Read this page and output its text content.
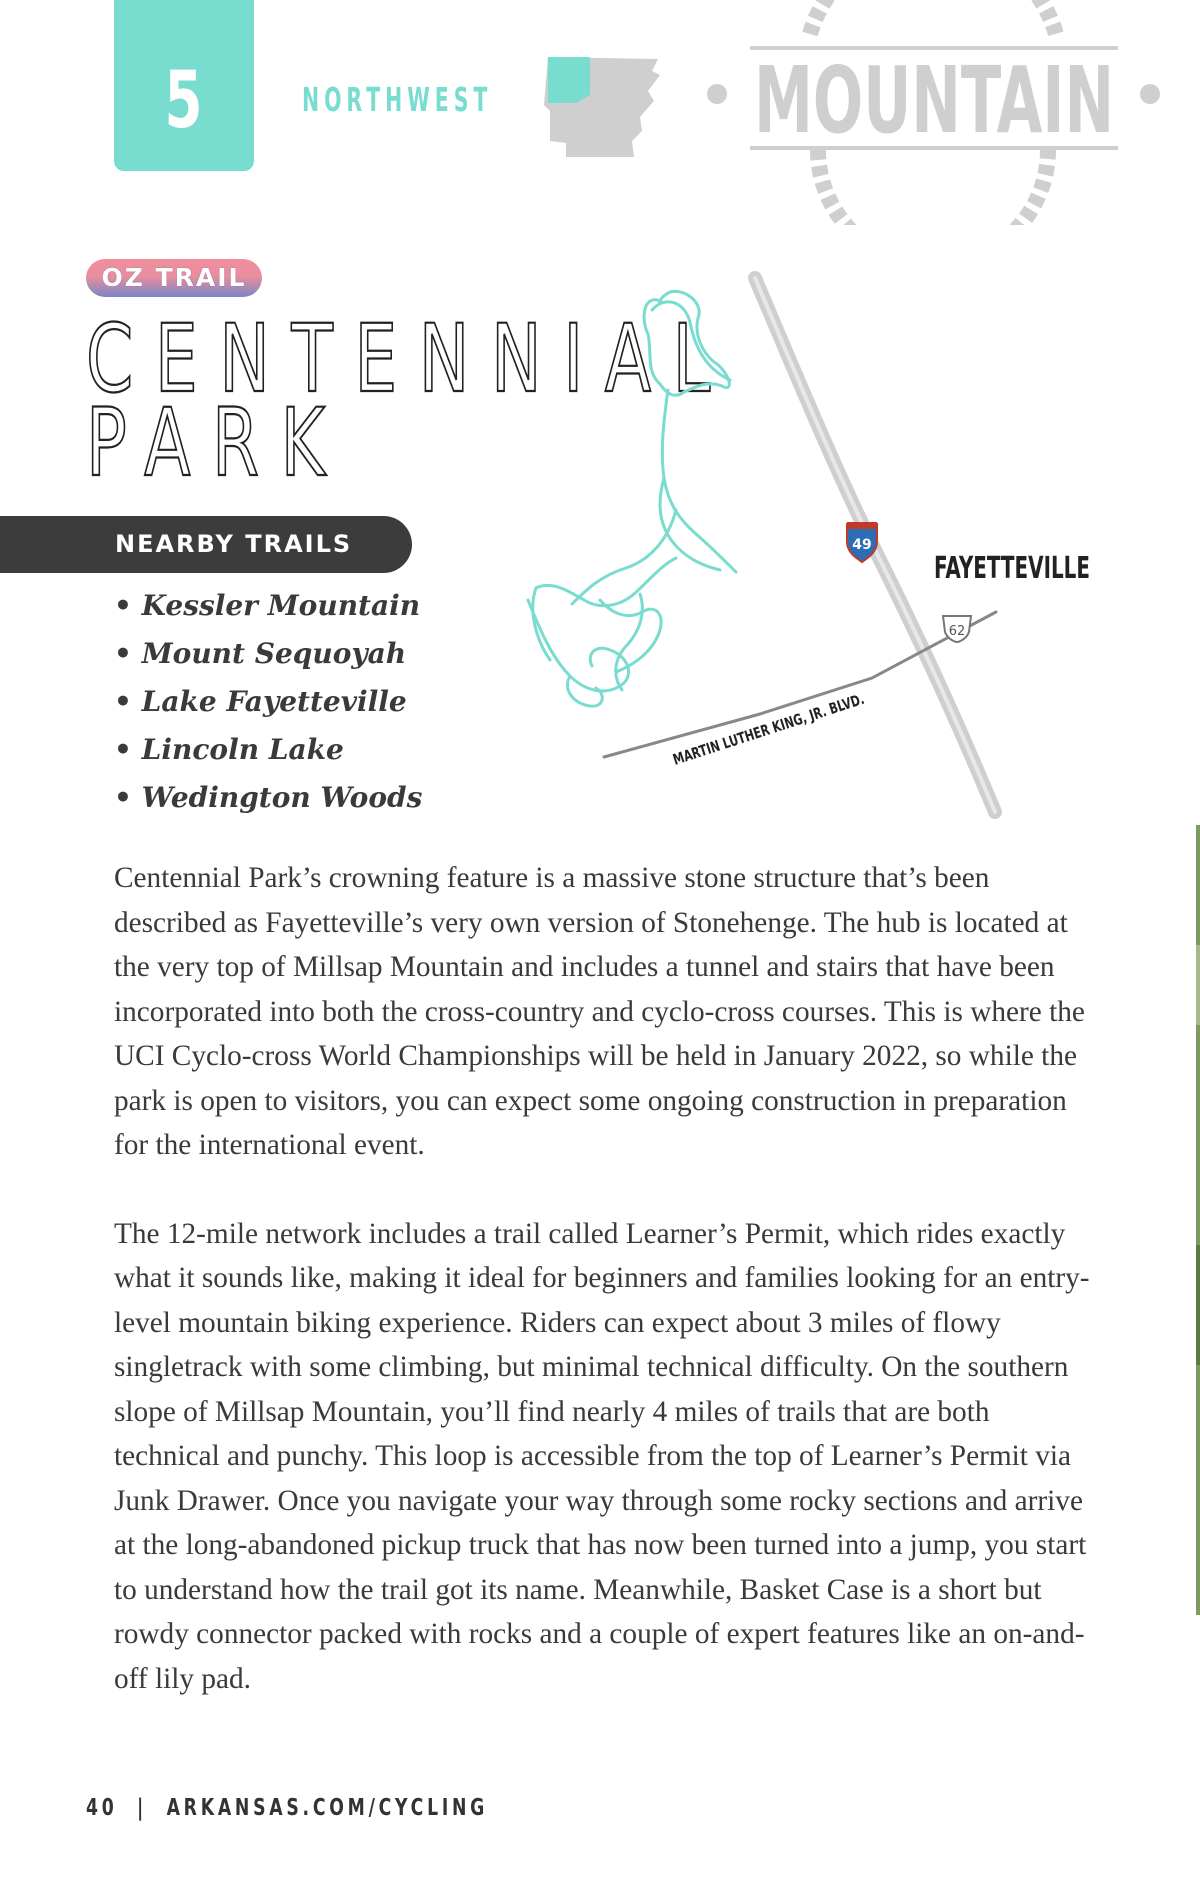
5	NORTHWEST	MOUNTAIN
OZ TRAIL
CENTENNIAL
PARK
49
62
FAYETTEVILLE
MARTIN LUTHER KING, JR. BLVD.
NEARBY TRAILS
• Kessler Mountain
• Mount Sequoyah
• Lake Fayetteville
• Lincoln Lake
• Wedington Woods

Centennial Park’s crowning feature is a massive stone structure that’s been described as Fayetteville’s very own version of Stonehenge. The hub is located at the very top of Millsap Mountain and includes a tunnel and stairs that have been incorporated into both the cross-country and cyclo-cross courses. This is where the UCI Cyclo-cross World Championships will be held in January 2022, so while the park is open to visitors, you can expect some ongoing construction in preparation for the international event.

The 12-mile network includes a trail called Learner’s Permit, which rides exactly what it sounds like, making it ideal for beginners and families looking for an entry-level mountain biking experience. Riders can expect about 3 miles of flowy singletrack with some climbing, but minimal technical difficulty. On the southern slope of Millsap Mountain, you’ll find nearly 4 miles of trails that are both technical and punchy. This loop is accessible from the top of Learner’s Permit via Junk Drawer. Once you navigate your way through some rocky sections and arrive at the long-abandoned pickup truck that has now been turned into a jump, you start to understand how the trail got its name. Meanwhile, Basket Case is a short but rowdy connector packed with rocks and a couple of expert features like an on-and-off lily pad.

40 | ARKANSAS.COM/CYCLING
